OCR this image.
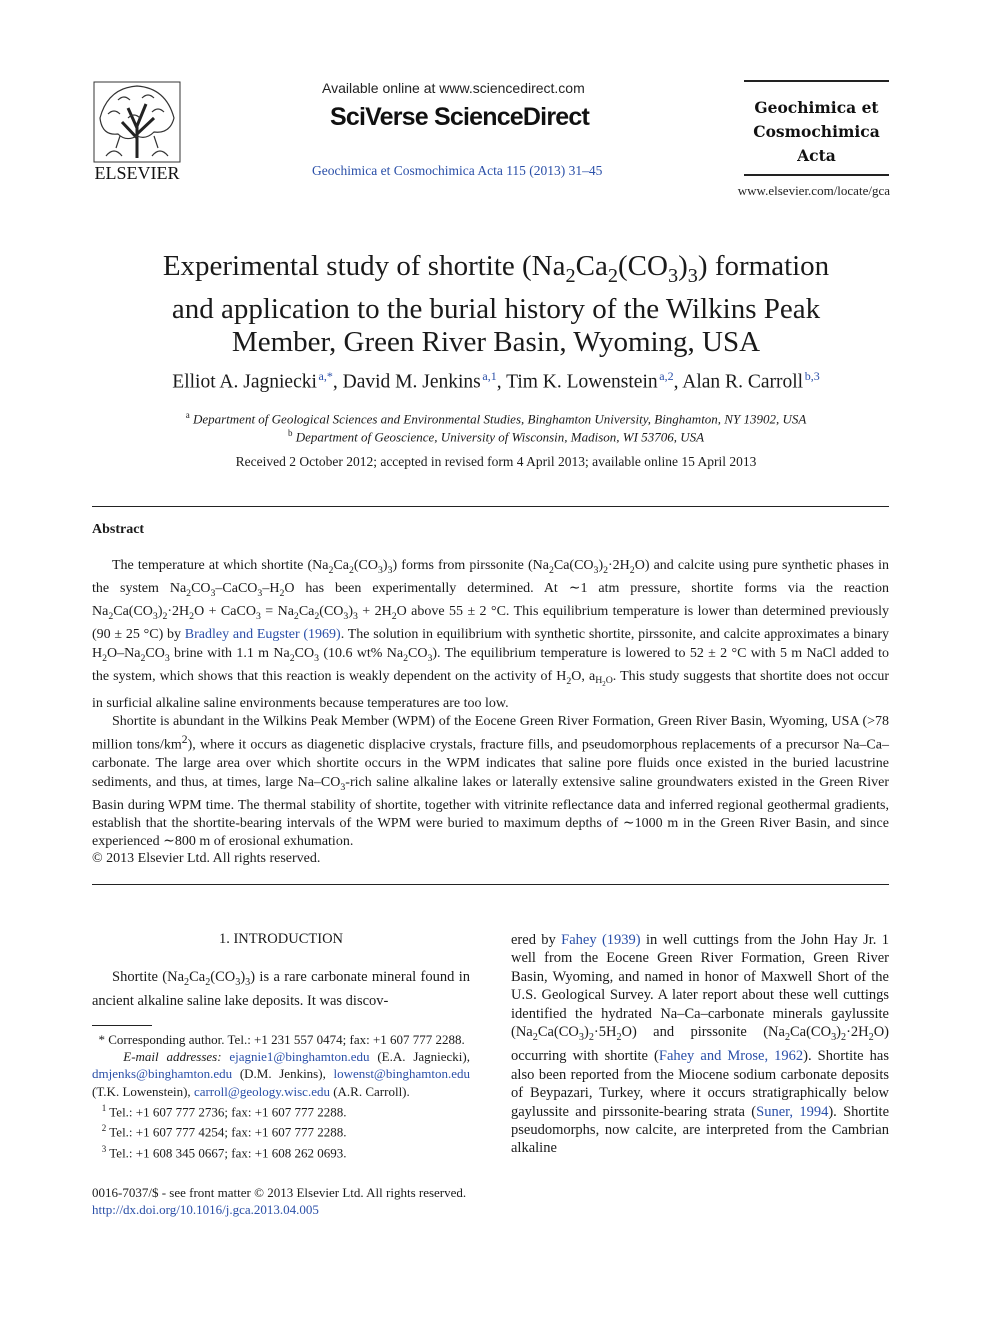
ELSEVIER
Available online at www.sciencedirect.com
SciVerse ScienceDirect
Geochimica et Cosmochimica Acta 115 (2013) 31–45
Geochimica et
Cosmochimica
Acta
www.elsevier.com/locate/gca
Experimental study of shortite $(Na_2Ca_2(CO_3)_3)$ formation
and application to the burial history of the Wilkins Peak
Member, Green River Basin, Wyoming, USA
Elliot A. Jagniecki  $^{a,*}$, David M. Jenkins  $^{a,1}$, Tim K. Lowenstein  $^{a,2}$, Alan R. Carroll  $^{b,3}$
$^a$ Department of Geological Sciences and Environmental Studies, Binghamton University, Binghamton, NY 13902, USA
$^b$ Department of Geoscience, University of Wisconsin, Madison, WI 53706, USA
Received 2 October 2012; accepted in revised form 4 April 2013; available online 15 April 2013
Abstract

The temperature at which shortite $(Na_2Ca_2(CO_3)_3)$ forms from pirssonite $(Na_2Ca(CO_3)_2\cdot 2H_2O)$ and calcite using pure synthetic phases in the system $Na_2CO_3-CaCO_3-H_2O$ has been experimentally determined. At ∼1 atm pressure, shortite forms via the reaction $Na_2Ca(CO_3)_2\cdot 2H_2O$ + CaCO$_3$ = $Na_2Ca_2(CO_3)_3 + 2H_2O$ above 55 ± 2 °C. This equilibrium temperature is lower than determined previously (90 ± 25 °C) by Bradley and Eugster (1969). The solution in equilibrium with synthetic shortite, pirssonite, and calcite approximates a binary $H_2O-Na_2CO_3$ brine with 1.1 m $Na_2CO_3$ (10.6 wt% $Na_2CO_3$). The equilibrium temperature is lowered to 52 ± 2 °C with 5 m NaCl added to the system, which shows that this reaction is weakly dependent on the activity of $H_2O$, $a_{H_2O}$. This study suggests that shortite does not occur in surficial alkaline saline environments because temperatures are too low.

Shortite is abundant in the Wilkins Peak Member (WPM) of the Eocene Green River Formation, Green River Basin, Wyoming, USA (>78 million tons/$km^2$), where it occurs as diagenetic displacive crystals, fracture fills, and pseudomorphous replacements of a precursor Na–Ca–carbonate. The large area over which shortite occurs in the WPM indicates that saline pore fluids once existed in the buried lacustrine sediments, and thus, at times, large $Na-CO_3$-rich saline alkaline lakes or laterally extensive saline groundwaters existed in the Green River Basin during WPM time. The thermal stability of shortite, together with vitrinite reflectance data and inferred regional geothermal gradients, establish that the shortite-bearing intervals of the WPM were buried to maximum depths of ∼1000 m in the Green River Basin, and since experienced ∼800 m of erosional exhumation.

© 2013 Elsevier Ltd. All rights reserved.
1. INTRODUCTION

Shortite $(Na_2Ca_2(CO_3)_3)$ is a rare carbonate mineral found in ancient alkaline saline lake deposits. It was discov-

* Corresponding author. Tel.: +1 231 557 0474; fax: +1 607 777 2288.

E-mail addresses: ejagnie1@binghamton.edu (E.A. Jagniecki), dmjenks@binghamton.edu (D.M. Jenkins), lowenst@binghamton.edu (T.K. Lowenstein), carroll@geology.wisc.edu (A.R. Carroll).

$^1$ Tel.: +1 607 777 2736; fax: +1 607 777 2288.

$^2$ Tel.: +1 607 777 4254; fax: +1 607 777 2288.

$^3$ Tel.: +1 608 345 0667; fax: +1 608 262 0693.

0016-7037/$ - see front matter © 2013 Elsevier Ltd. All rights reserved.
http://dx.doi.org/10.1016/j.gca.2013.04.005
ered by Fahey (1939) in well cuttings from the John Hay Jr. 1 well from the Eocene Green River Formation, Green River Basin, Wyoming, and named in honor of Maxwell Short of the U.S. Geological Survey. A later report about these well cuttings identified the hydrated Na–Ca–carbonate minerals gaylussite $(Na_2Ca(CO_3)_2\cdot 5H_2O)$ and pirssonite $(Na_2Ca(CO_3)_2\cdot 2H_2O)$ occurring with shortite (Fahey and Mrose, 1962). Shortite has also been reported from the Miocene sodium carbonate deposits of Beypazari, Turkey, where it occurs stratigraphically below gaylussite and pirssonite-bearing strata (Suner, 1994). Shortite pseudomorphs, now calcite, are interpreted from the Cambrian alkaline
